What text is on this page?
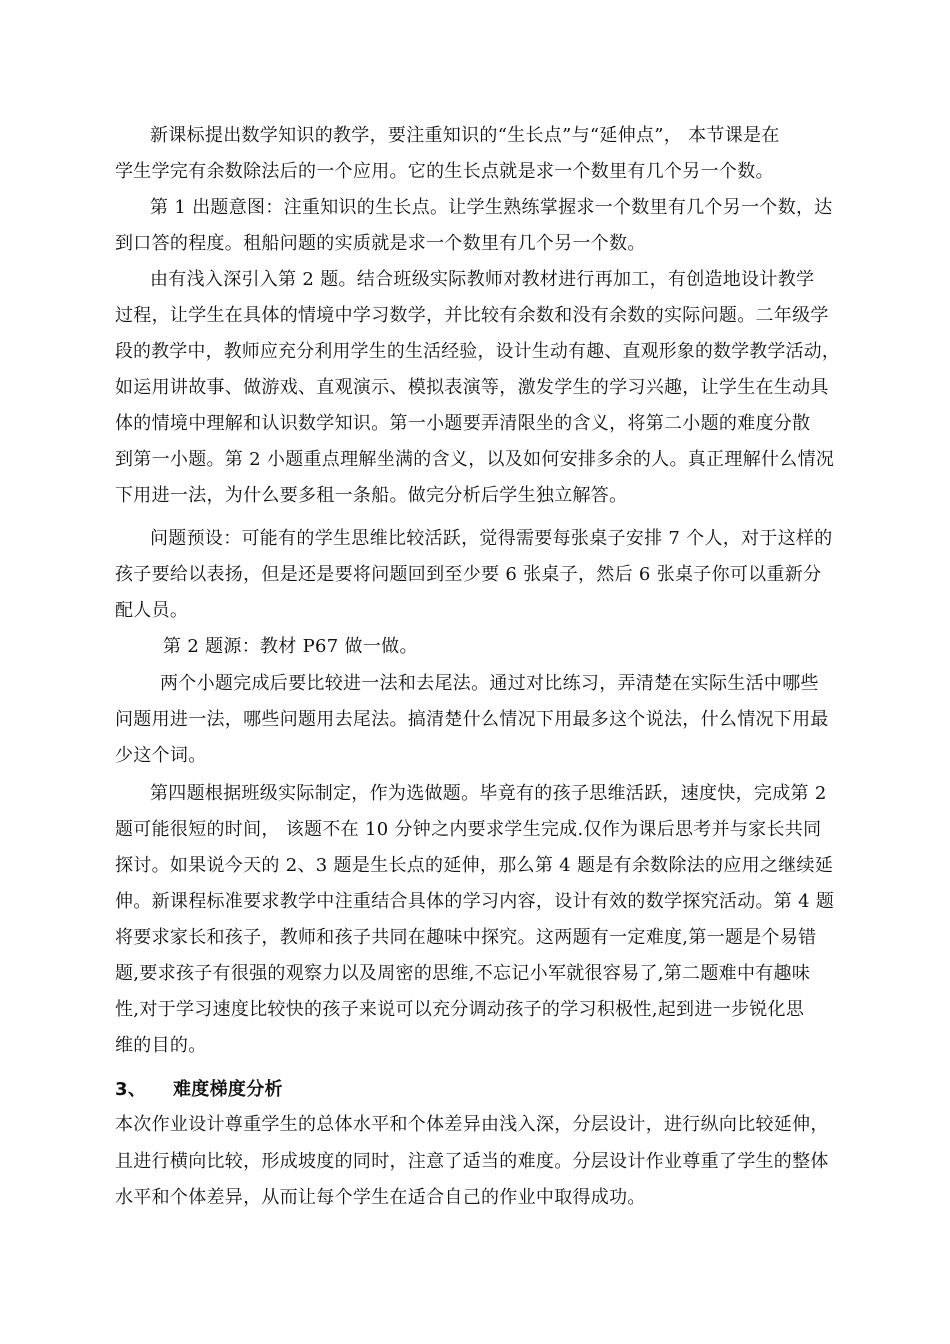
新课标提出数学知识的教学，要注重知识的“生长点”与“延伸点”， 本节课是在
学生学完有余数除法后的一个应用。它的生长点就是求一个数里有几个另一个数。
第 1 出题意图：注重知识的生长点。让学生熟练掌握求一个数里有几个另一个数，达
到口答的程度。租船问题的实质就是求一个数里有几个另一个数。
由有浅入深引入第 2 题。结合班级实际教师对教材进行再加工，有创造地设计教学
过程，让学生在具体的情境中学习数学，并比较有余数和没有余数的实际问题。二年级学
段的教学中，教师应充分利用学生的生活经验，设计生动有趣、直观形象的数学教学活动，
如运用讲故事、做游戏、直观演示、模拟表演等，激发学生的学习兴趣，让学生在生动具
体的情境中理解和认识数学知识。第一小题要弄清限坐的含义，将第二小题的难度分散
到第一小题。第 2 小题重点理解坐满的含义，以及如何安排多余的人。真正理解什么情况
下用进一法，为什么要多租一条船。做完分析后学生独立解答。
问题预设：可能有的学生思维比较活跃，觉得需要每张桌子安排 7 个人，对于这样的
孩子要给以表扬，但是还是要将问题回到至少要 6 张桌子，然后 6 张桌子你可以重新分
配人员。
第 2 题源：教材 P67 做一做。
两个小题完成后要比较进一法和去尾法。通过对比练习，弄清楚在实际生活中哪些
问题用进一法，哪些问题用去尾法。搞清楚什么情况下用最多这个说法，什么情况下用最
少这个词。
第四题根据班级实际制定，作为选做题。毕竟有的孩子思维活跃，速度快，完成第 2
题可能很短的时间， 该题不在 10 分钟之内要求学生完成.仅作为课后思考并与家长共同
探讨。如果说今天的 2、3 题是生长点的延伸，那么第 4 题是有余数除法的应用之继续延
伸。新课程标准要求教学中注重结合具体的学习内容，设计有效的数学探究活动。第 4 题
将要求家长和孩子，教师和孩子共同在趣味中探究。这两题有一定难度,第一题是个易错
题,要求孩子有很强的观察力以及周密的思维,不忘记小军就很容易了,第二题难中有趣味
性,对于学习速度比较快的孩子来说可以充分调动孩子的学习积极性,起到进一步锐化思
维的目的。
3、 难度梯度分析
本次作业设计尊重学生的总体水平和个体差异由浅入深，分层设计，进行纵向比较延伸，
且进行横向比较，形成坡度的同时，注意了适当的难度。分层设计作业尊重了学生的整体
水平和个体差异，从而让每个学生在适合自己的作业中取得成功。
